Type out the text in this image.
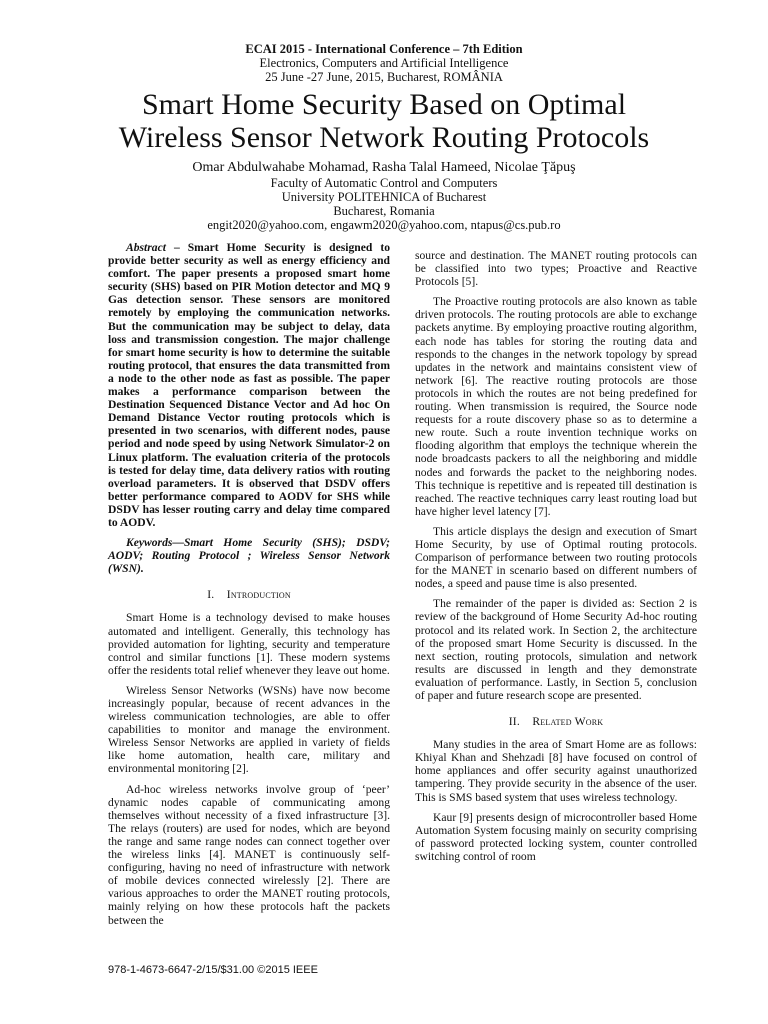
ECAI 2015 - International Conference – 7th Edition

Electronics, Computers and Artificial Intelligence

25 June -27 June, 2015, Bucharest, ROMÂNIA

Smart Home Security Based on Optimal
Wireless Sensor Network Routing Protocols

Omar Abdulwahabe Mohamad, Rasha Talal Hameed, Nicolae Ţăpuş

Faculty of Automatic Control and Computers

University POLITEHNICA of Bucharest

Bucharest, Romania

engit2020@yahoo.com, engawm2020@yahoo.com, ntapus@cs.pub.ro

Abstract – Smart Home Security is designed to provide better security as well as energy efficiency and comfort. The paper presents a proposed smart home security (SHS) based on PIR Motion detector and MQ 9 Gas detection sensor. These sensors are monitored remotely by employing the communication networks. But the communication may be subject to delay, data loss and transmission congestion. The major challenge for smart home security is how to determine the suitable routing protocol, that ensures the data transmitted from a node to the other node as fast as possible. The paper makes a performance comparison between the Destination Sequenced Distance Vector and Ad hoc On Demand Distance Vector routing protocols which is presented in two scenarios, with different nodes, pause period and node speed by using Network Simulator-2 on Linux platform. The evaluation criteria of the protocols is tested for delay time, data delivery ratios with routing overload parameters. It is observed that DSDV offers better performance compared to AODV for SHS while DSDV has lesser routing carry and delay time compared to AODV.

Keywords—Smart Home Security (SHS); DSDV; AODV; Routing Protocol ; Wireless Sensor Network (WSN).

I. Introduction

Smart Home is a technology devised to make houses automated and intelligent. Generally, this technology has provided automation for lighting, security and temperature control and similar functions [1]. These modern systems offer the residents total relief whenever they leave out home.

Wireless Sensor Networks (WSNs) have now become increasingly popular, because of recent advances in the wireless communication technologies, are able to offer capabilities to monitor and manage the environment. Wireless Sensor Networks are applied in variety of fields like home automation, health care, military and environmental monitoring [2].

Ad-hoc wireless networks involve group of ‘peer’ dynamic nodes capable of communicating among themselves without necessity of a fixed infrastructure [3]. The relays (routers) are used for nodes, which are beyond the range and same range nodes can connect together over the wireless links [4]. MANET is continuously self-configuring, having no need of infrastructure with network of mobile devices connected wirelessly [2]. There are various approaches to order the MANET routing protocols, mainly relying on how these protocols haft the packets between the

source and destination. The MANET routing protocols can be classified into two types; Proactive and Reactive Protocols [5].

The Proactive routing protocols are also known as table driven protocols. The routing protocols are able to exchange packets anytime. By employing proactive routing algorithm, each node has tables for storing the routing data and responds to the changes in the network topology by spread updates in the network and maintains consistent view of network [6]. The reactive routing protocols are those protocols in which the routes are not being predefined for routing. When transmission is required, the Source node requests for a route discovery phase so as to determine a new route. Such a route invention technique works on flooding algorithm that employs the technique wherein the node broadcasts packers to all the neighboring and middle nodes and forwards the packet to the neighboring nodes. This technique is repetitive and is repeated till destination is reached. The reactive techniques carry least routing load but have higher level latency [7].

This article displays the design and execution of Smart Home Security, by use of Optimal routing protocols. Comparison of performance between two routing protocols for the MANET in scenario based on different numbers of nodes, a speed and pause time is also presented.

The remainder of the paper is divided as: Section 2 is review of the background of Home Security Ad-hoc routing protocol and its related work. In Section 2, the architecture of the proposed smart Home Security is discussed. In the next section, routing protocols, simulation and network results are discussed in length and they demonstrate evaluation of performance. Lastly, in Section 5, conclusion of paper and future research scope are presented.

II. Related Work

Many studies in the area of Smart Home are as follows: Khiyal Khan and Shehzadi [8] have focused on control of home appliances and offer security against unauthorized tampering. They provide security in the absence of the user. This is SMS based system that uses wireless technology.

Kaur [9] presents design of microcontroller based Home Automation System focusing mainly on security comprising of password protected locking system, counter controlled switching control of room

978-1-4673-6647-2/15/$31.00 ©2015 IEEE
